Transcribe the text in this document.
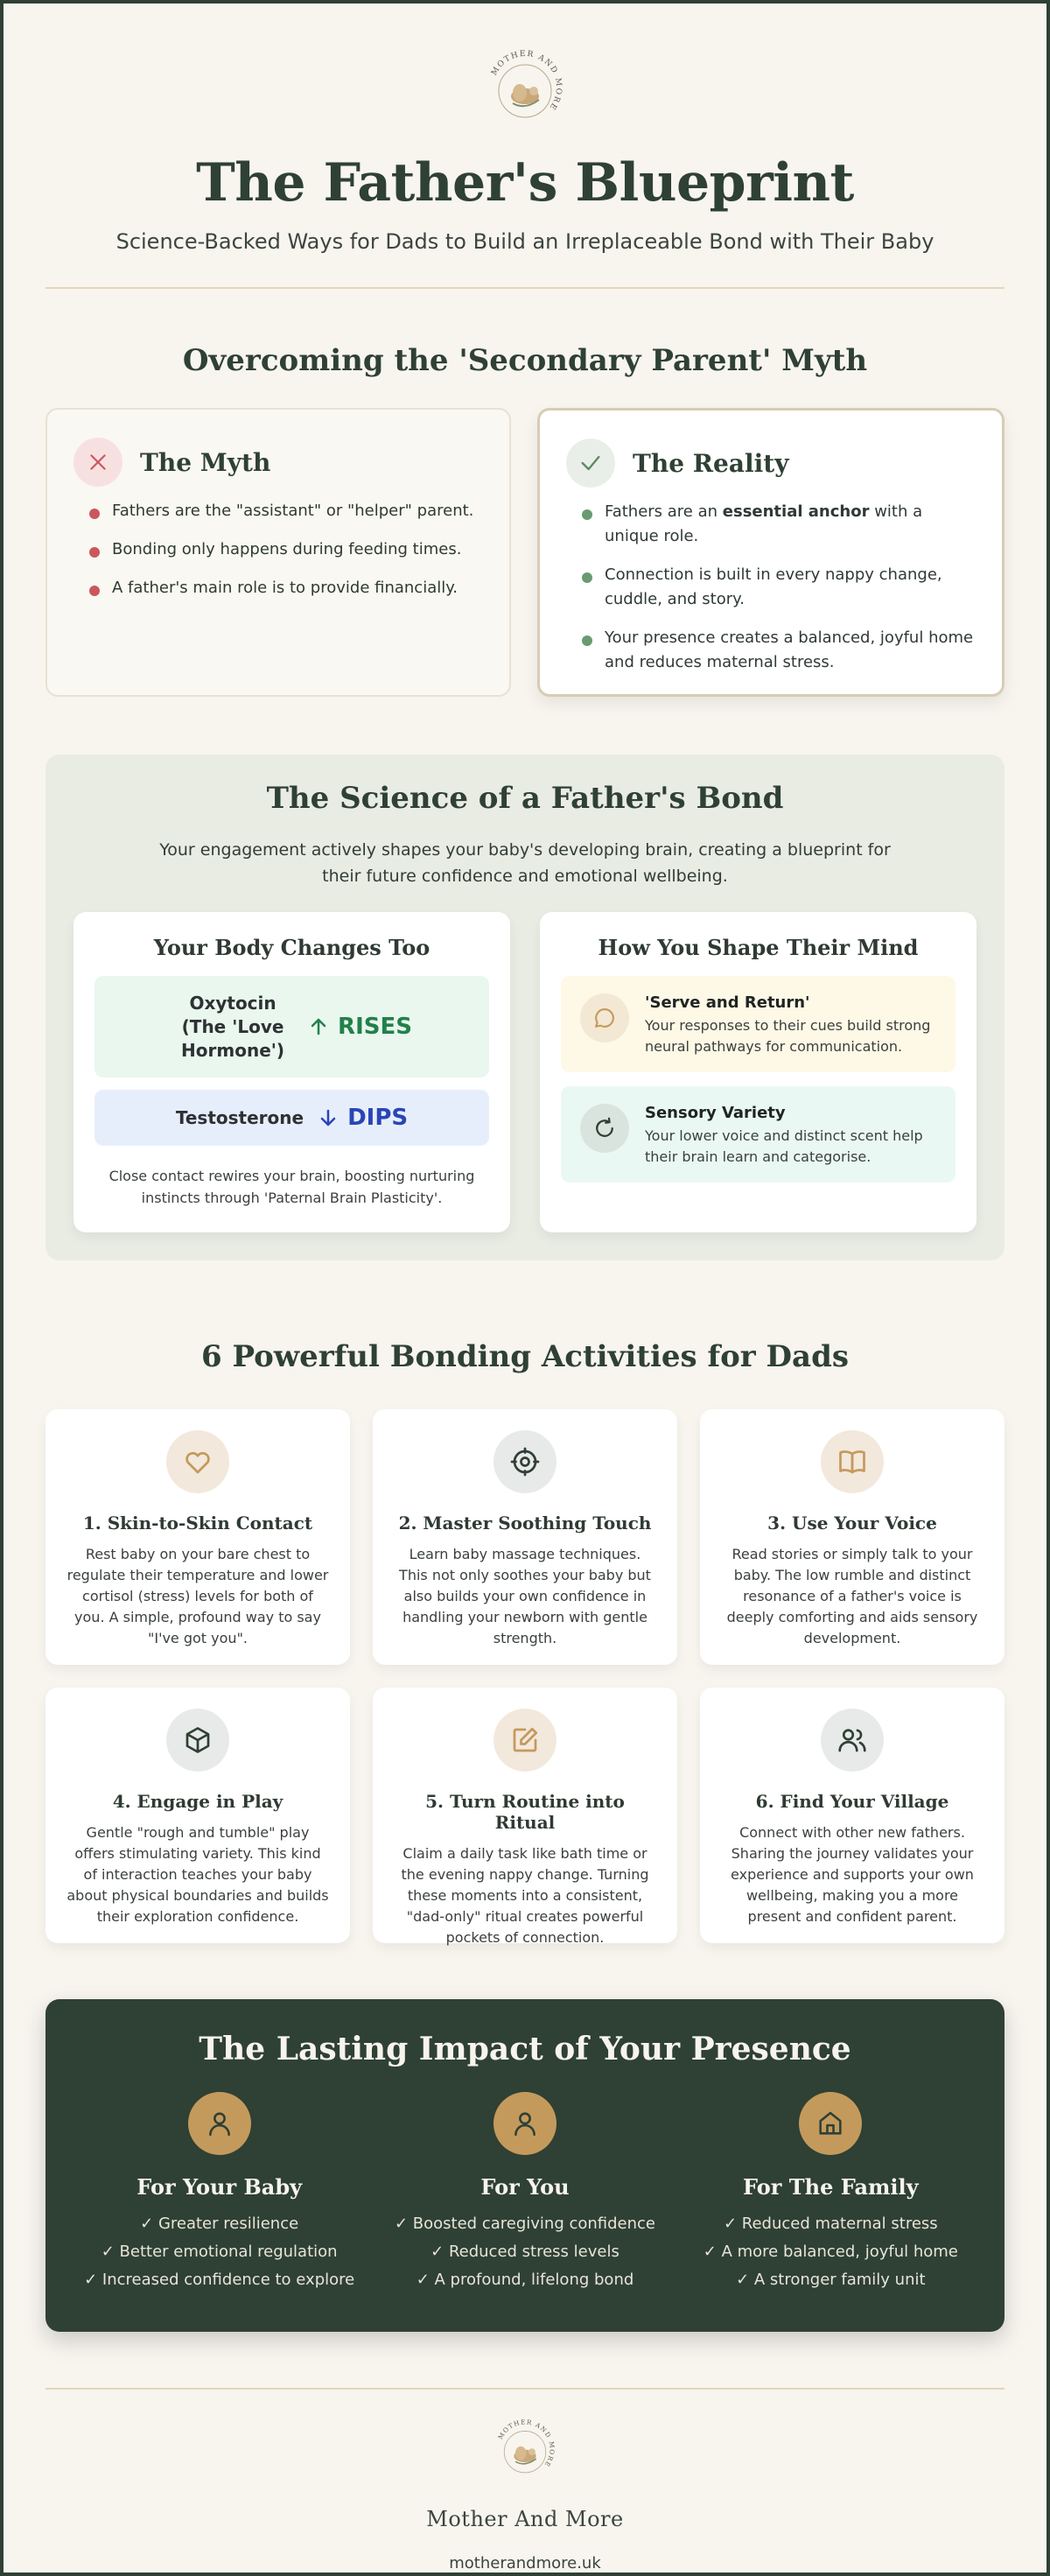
MOTHER AND MORE
The Father's Blueprint

Science-Backed Ways for Dads to Build an Irreplaceable Bond with Their Baby

Overcoming the 'Secondary Parent' Myth
The Myth
Fathers are the "assistant" or "helper" parent.
Bonding only happens during feeding times.
A father's main role is to provide financially.
The Reality
Fathers are an essential anchor with a unique role.
Connection is built in every nappy change, cuddle, and story.
Your presence creates a balanced, joyful home and reduces maternal stress.
The Science of a Father's Bond

Your engagement actively shapes your baby's developing brain, creating a blueprint for their future confidence and emotional wellbeing.

Your Body Changes Too
Oxytocin (The 'Love Hormone')
RISES
Testosterone DIPS

Close contact rewires your brain, boosting nurturing instincts through 'Paternal Brain Plasticity'.

How You Shape Their Mind
'Serve and Return'
Your responses to their cues build strong neural pathways for communication.
Sensory Variety
Your lower voice and distinct scent help their brain learn and categorise.
6 Powerful Bonding Activities for Dads
1. Skin-to-Skin Contact

Rest baby on your bare chest to regulate their temperature and lower cortisol (stress) levels for both of you. A simple, profound way to say "I've got you".

2. Master Soothing Touch

Learn baby massage techniques. This not only soothes your baby but also builds your own confidence in handling your newborn with gentle strength.

3. Use Your Voice

Read stories or simply talk to your baby. The low rumble and distinct resonance of a father's voice is deeply comforting and aids sensory development.

4. Engage in Play

Gentle "rough and tumble" play offers stimulating variety. This kind of interaction teaches your baby about physical boundaries and builds their exploration confidence.

5. Turn Routine into Ritual

Claim a daily task like bath time or the evening nappy change. Turning these moments into a consistent, "dad-only" ritual creates powerful pockets of connection.

6. Find Your Village

Connect with other new fathers. Sharing the journey validates your experience and supports your own wellbeing, making you a more present and confident parent.

The Lasting Impact of Your Presence
For Your Baby
✓ Greater resilience
✓ Better emotional regulation
✓ Increased confidence to explore
For You
✓ Boosted caregiving confidence
✓ Reduced stress levels
✓ A profound, lifelong bond
For The Family
✓ Reduced maternal stress
✓ A more balanced, joyful home
✓ A stronger family unit
MOTHER AND MORE
Mother And More
motherandmore.uk
